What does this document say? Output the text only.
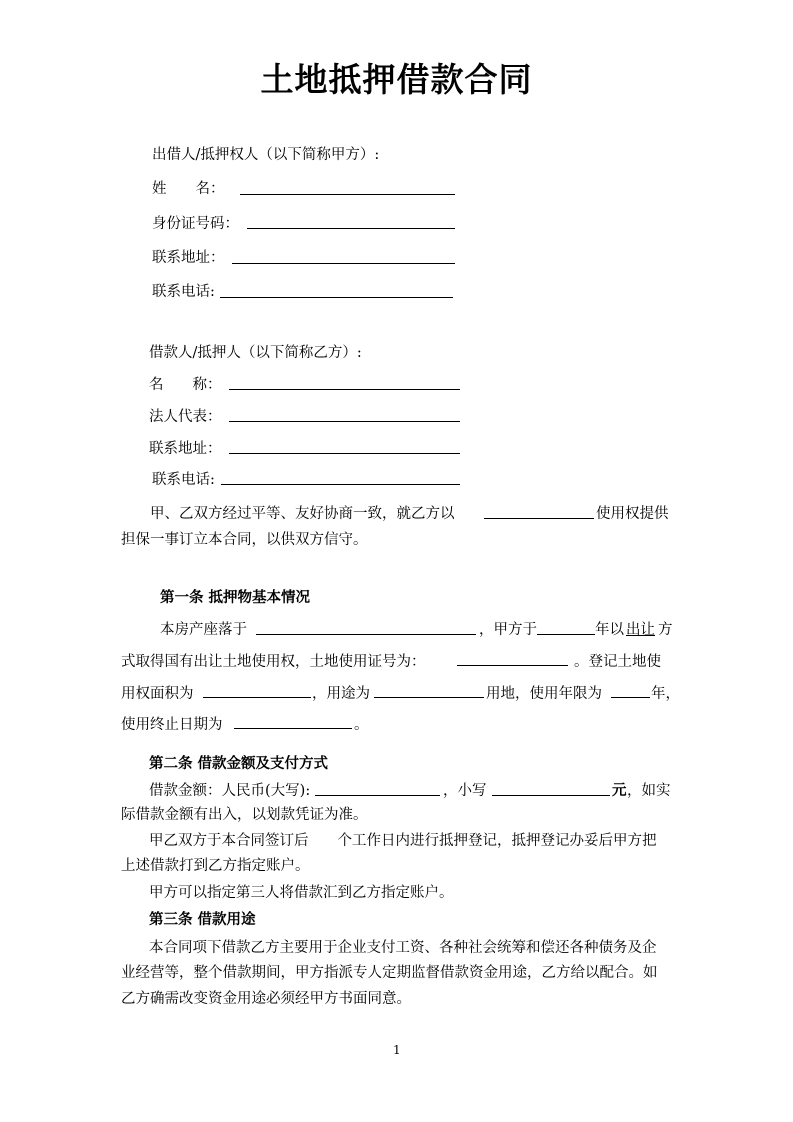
土地抵押借款合同
出借人/抵押权人（以下简称甲方）:
姓　　名：
身份证号码：
联系地址：
联系电话:
借款人/抵押人（以下简称乙方）:
名　　称：
法人代表：
联系地址：
联系电话:
甲、乙双方经过平等、友好协商一致，就乙方以	使用权提供
担保一事订立本合同，以供双方信守。
第一条 抵押物基本情况
本房产座落于	，甲方于	年以 出让 方
式取得国有出让土地使用权，土地使用证号为：	。登记土地使
用权面积为	，用途为	用地，使用年限为	年，
使用终止日期为	。
第二条 借款金额及支付方式
借款金额：人民币(大写):	，小写	元 ，如实
际借款金额有出入，以划款凭证为准。
甲乙双方于本合同签订后　　个工作日内进行抵押登记，抵押登记办妥后甲方把
上述借款打到乙方指定账户。
甲方可以指定第三人将借款汇到乙方指定账户。
第三条 借款用途
本合同项下借款乙方主要用于企业支付工资、各种社会统筹和偿还各种债务及企
业经营等，整个借款期间，甲方指派专人定期监督借款资金用途，乙方给以配合。如
乙方确需改变资金用途必须经甲方书面同意。
1
